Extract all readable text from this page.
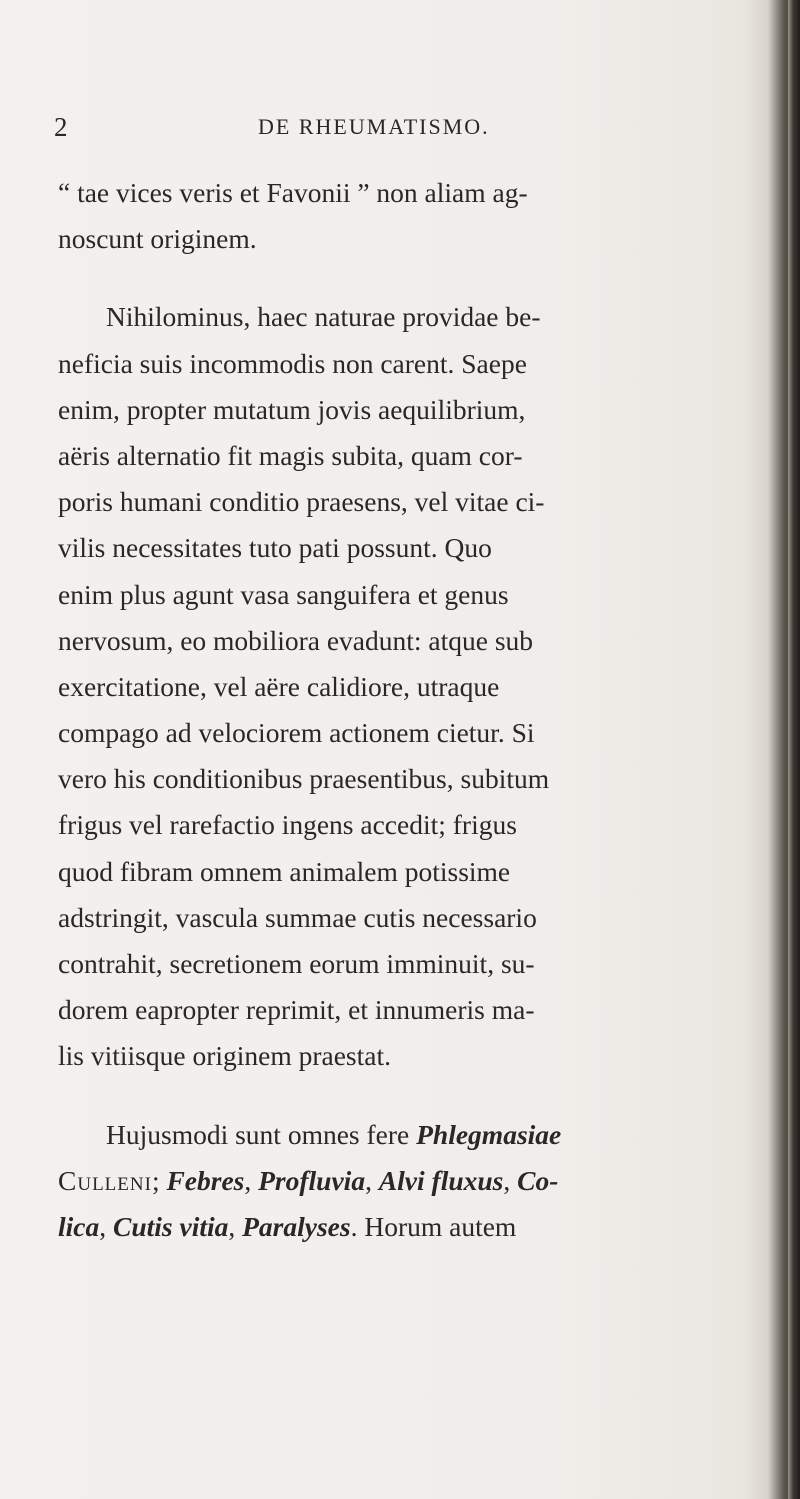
2	DE RHEUMATISMO.
“ tae vices veris et Favonii ” non aliam ag-
noscunt originem.
Nihilominus, haec naturae providae be-
neficia suis incommodis non carent. Saepe
enim, propter mutatum jovis aequilibrium,
aëris alternatio fit magis subita, quam cor-
poris humani conditio praesens, vel vitae ci-
vilis necessitates tuto pati possunt. Quo
enim plus agunt vasa sanguifera et genus
nervosum, eo mobiliora evadunt: atque sub
exercitatione, vel aëre calidiore, utraque
compago ad velociorem actionem cietur. Si
vero his conditionibus praesentibus, subitum
frigus vel rarefactio ingens accedit; frigus
quod fibram omnem animalem potissime
adstringit, vascula summae cutis necessario
contrahit, secretionem eorum imminuit, su-
dorem eapropter reprimit, et innumeris ma-
lis vitiisque originem praestat.
Hujusmodi sunt omnes fere Phlegmasiae
Culleni; Febres, Profluvia, Alvi fluxus, Co-
lica, Cutis vitia, Paralyses. Horum autem
